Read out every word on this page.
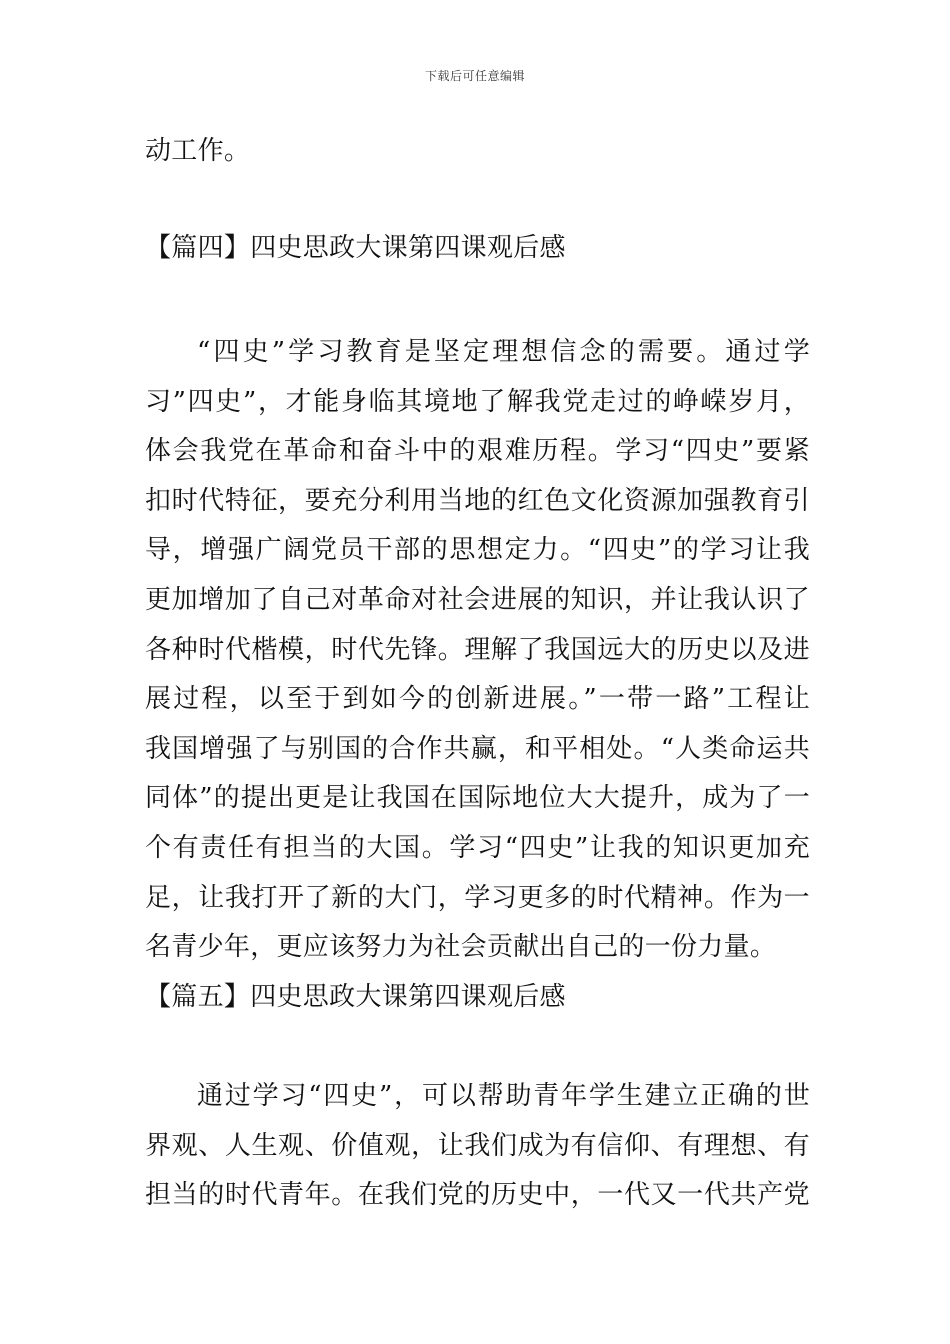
下载后可任意编辑
动工作。
【篇四】四史思政大课第四课观后感
“四史”学习教育是坚定理想信念的需要。通过学
习”四史”，才能身临其境地了解我党走过的峥嵘岁月，
体会我党在革命和奋斗中的艰难历程。学习“四史”要紧
扣时代特征，要充分利用当地的红色文化资源加强教育引
导，增强广阔党员干部的思想定力。“四史”的学习让我
更加增加了自己对革命对社会进展的知识，并让我认识了
各种时代楷模，时代先锋。理解了我国远大的历史以及进
展过程，以至于到如今的创新进展。”一带一路”工程让
我国增强了与别国的合作共赢，和平相处。“人类命运共
同体”的提出更是让我国在国际地位大大提升，成为了一
个有责任有担当的大国。学习“四史”让我的知识更加充
足，让我打开了新的大门，学习更多的时代精神。作为一
名青少年，更应该努力为社会贡献出自己的一份力量。
【篇五】四史思政大课第四课观后感
通过学习“四史”，可以帮助青年学生建立正确的世
界观、人生观、价值观，让我们成为有信仰、有理想、有
担当的时代青年。在我们党的历史中，一代又一代共产党
